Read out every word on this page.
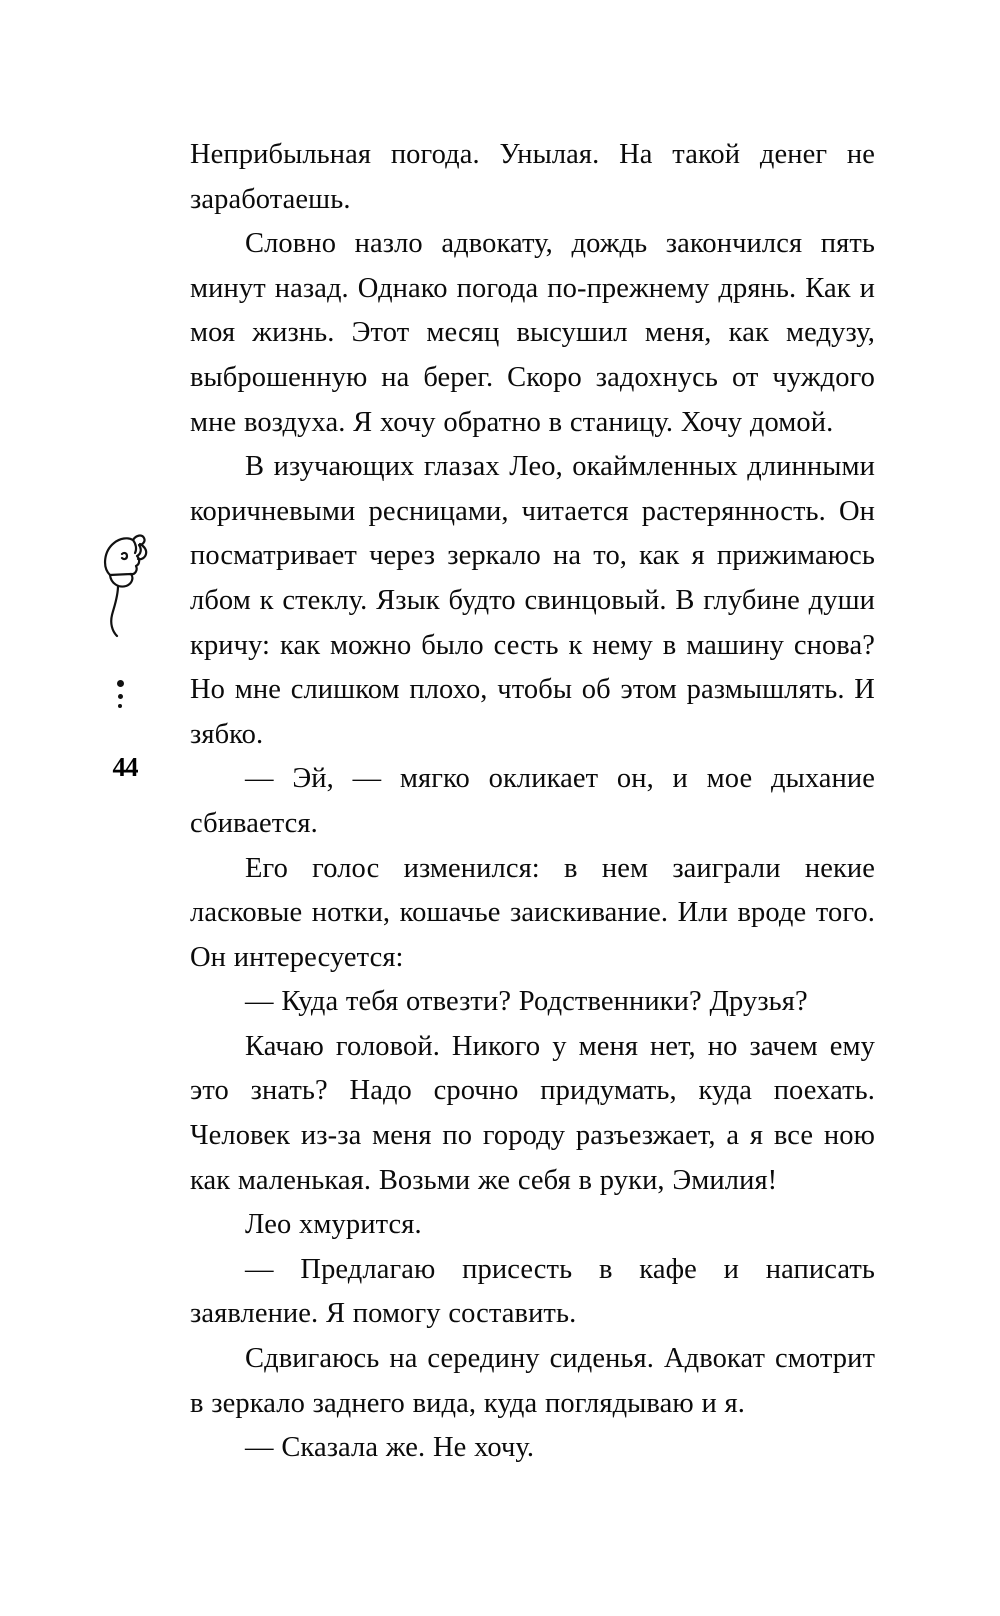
44

Неприбыльная погода. Унылая. На такой денег не заработаешь.

Словно назло адвокату, дождь закончился пять минут назад. Однако погода по-прежнему дрянь. Как и моя жизнь. Этот месяц высушил меня, как медузу, выброшенную на берег. Скоро задохнусь от чуждого мне воздуха. Я хочу обратно в станицу. Хочу домой.

В изучающих глазах Лео, окаймленных длинными коричневыми ресницами, читается растерянность. Он посматривает через зеркало на то, как я прижимаюсь лбом к стеклу. Язык будто свинцовый. В глубине души кричу: как можно было сесть к нему в машину снова? Но мне слишком плохо, чтобы об этом размышлять. И зябко.

— Эй, — мягко окликает он, и мое дыхание сбивается.

Его голос изменился: в нем заиграли некие ласковые нотки, кошачье заискивание. Или вроде того. Он интересуется:

— Куда тебя отвезти? Родственники? Друзья?

Качаю головой. Никого у меня нет, но зачем ему это знать? Надо срочно придумать, куда поехать. Человек из-за меня по городу разъезжает, а я все ною как маленькая. Возьми же себя в руки, Эмилия!

Лео хмурится.

— Предлагаю присесть в кафе и написать заявление. Я помогу составить.

Сдвигаюсь на середину сиденья. Адвокат смотрит в зеркало заднего вида, куда поглядываю и я.

— Сказала же. Не хочу.
